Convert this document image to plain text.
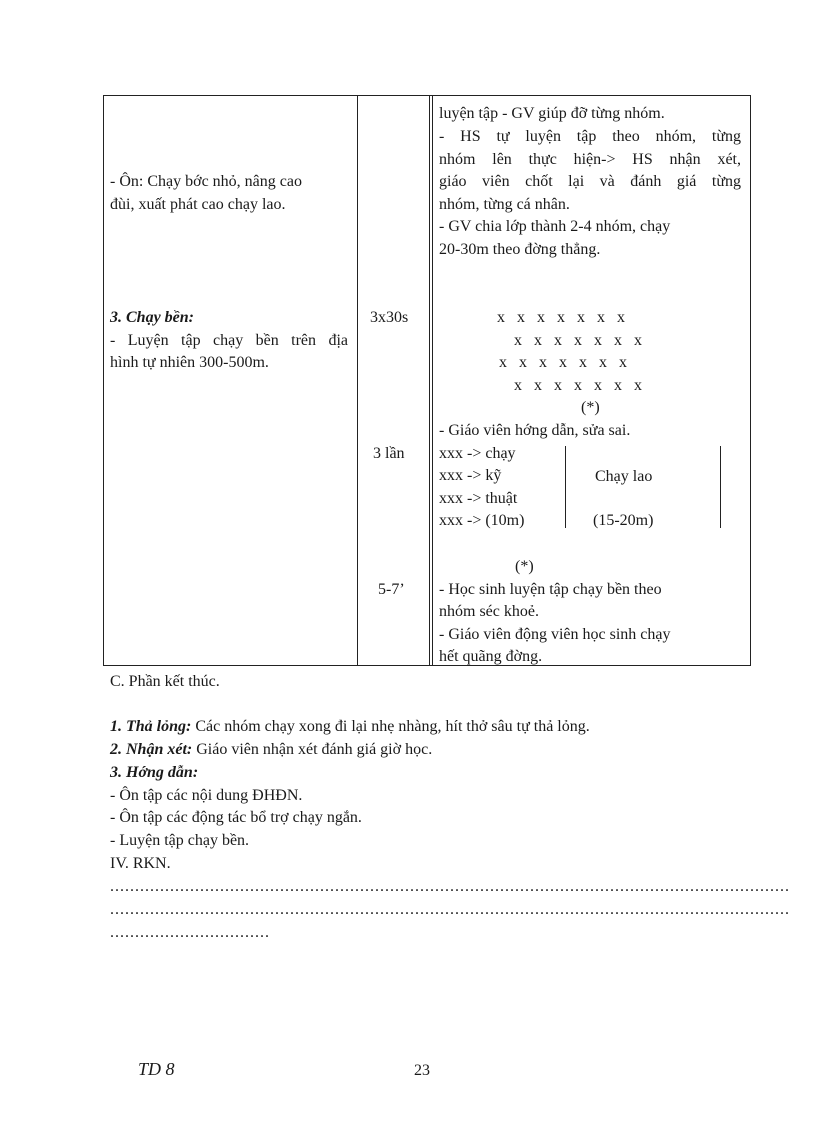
- Ôn: Chạy bớc nhỏ, nâng cao
đùi, xuất phát cao chạy lao.
luyện tập - GV giúp đỡ từng nhóm.
- HS tự luyện tập theo nhóm, từng
nhóm lên thực hiện-> HS nhận xét,
giáo viên chốt lại và đánh giá từng
nhóm, từng cá nhân.
- GV chia lớp thành 2-4 nhóm, chạy
20-30m theo đờng thẳng.
3. Chạy bền:
- Luyện tập chạy bền trên địa
hình tự nhiên 300-500m.
3x30s
3 lần
5-7’
x   x   x   x   x   x   x
x   x   x   x   x   x   x
x   x   x   x   x   x   x
x   x   x   x   x   x   x
(*)
- Giáo viên hớng dẫn, sửa sai.
xxx -> chạy
xxx -> kỹ
xxx -> thuật
xxx -> (10m)
Chạy lao
(15-20m)
(*)
- Học sinh luyện tập chạy bền theo
nhóm séc khoẻ.
- Giáo viên động viên học sinh chạy
hết quãng đờng.
C. Phần kết thúc.
1. Thả lỏng: Các nhóm chạy xong đi lại nhẹ nhàng, hít thở sâu tự thả lỏng.
2. Nhận xét: Giáo viên nhận xét đánh giá giờ học.
3. Hớng dẫn:
- Ôn tập các nội dung ĐHĐN.
- Ôn tập các động tác bổ trợ chạy ngắn.
- Luyện tập chạy bền.
IV. RKN.
........................................................................................................................................
........................................................................................................................................
................................
TD 8	23
